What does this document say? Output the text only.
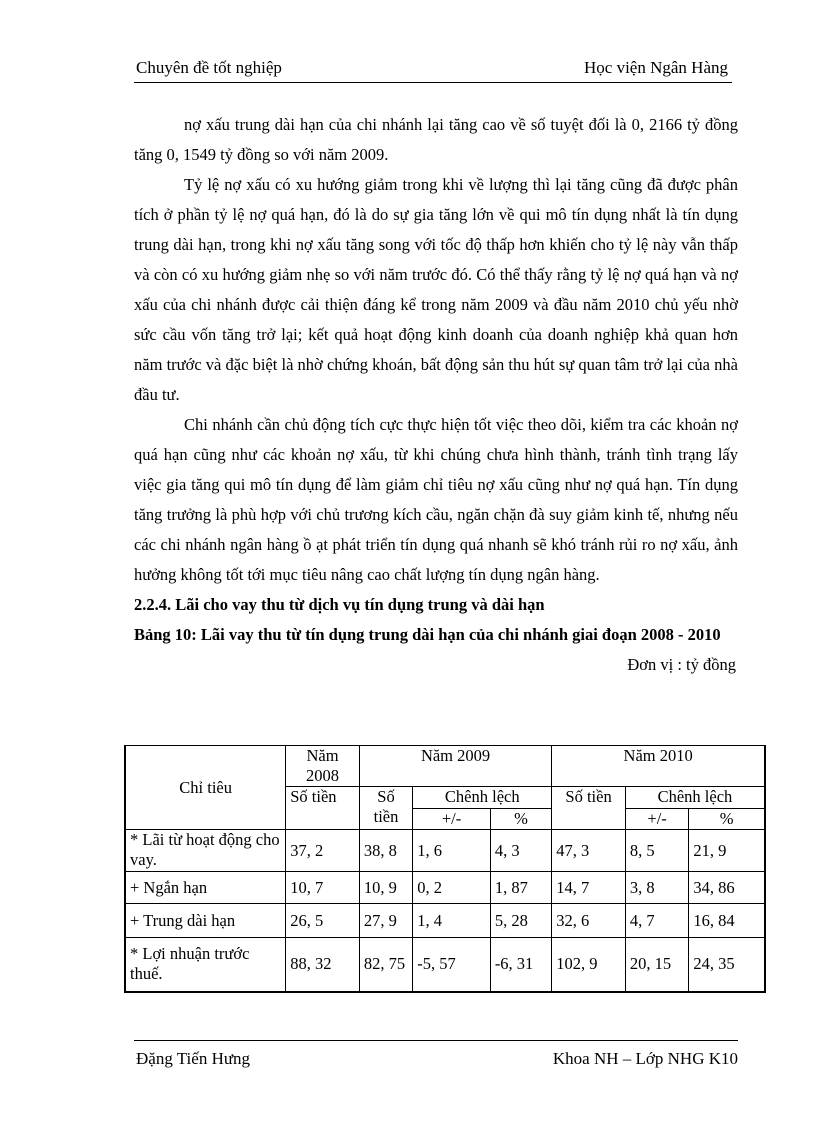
Chuyên đề tốt nghiệp	Học viện Ngân Hàng

nợ xấu trung dài hạn của chi nhánh lại tăng cao về số tuyệt đối là 0, 2166 tỷ đồng tăng 0, 1549 tỷ đồng so với năm 2009.

Tỷ lệ nợ xấu có xu hướng giảm trong khi về lượng thì lại tăng cũng đã được phân tích ở phần tỷ lệ nợ quá hạn, đó là do sự gia tăng lớn về qui mô tín dụng nhất là tín dụng trung dài hạn, trong khi nợ xấu tăng song với tốc độ thấp hơn khiến cho tỷ lệ này vẫn thấp và còn có xu hướng giảm nhẹ so với năm trước đó. Có thể thấy rằng tỷ lệ nợ quá hạn và nợ xấu của chi nhánh được cải thiện đáng kể trong năm 2009 và đầu năm 2010 chủ yếu nhờ sức cầu vốn tăng trở lại; kết quả hoạt động kinh doanh của doanh nghiệp khả quan hơn năm trước và đặc biệt là nhờ chứng khoán, bất động sản thu hút sự quan tâm trở lại của nhà đầu tư.

Chi nhánh cần chủ động tích cực thực hiện tốt việc theo dõi, kiểm tra các khoản nợ quá hạn cũng như các khoản nợ xấu, từ khi chúng chưa hình thành, tránh tình trạng lấy việc gia tăng qui mô tín dụng để làm giảm chỉ tiêu nợ xấu cũng như nợ quá hạn. Tín dụng tăng trưởng là phù hợp với chủ trương kích cầu, ngăn chặn đà suy giảm kinh tế, nhưng nếu các chi nhánh ngân hàng ồ ạt phát triển tín dụng quá nhanh sẽ khó tránh rủi ro nợ xấu, ảnh hưởng không tốt tới mục tiêu nâng cao chất lượng tín dụng ngân hàng.

2.2.4. Lãi cho vay thu từ dịch vụ tín dụng trung và dài hạn

Bảng 10: Lãi vay thu từ tín dụng trung dài hạn của chi nhánh giai đoạn 2008 - 2010

Đơn vị : tỷ đồng

Chỉ tiêu	Năm 2008	Năm 2009			Năm 2010		
	Số tiền	Số tiền	Chênh lệch		Số tiền	Chênh lệch	
			+/-	%		+/-	%
* Lãi từ hoạt động cho vay.	37, 2	38, 8	1, 6	4, 3	47, 3	8, 5	21, 9
+ Ngắn hạn	10, 7	10, 9	0, 2	1, 87	14, 7	3, 8	34, 86
+ Trung dài hạn	26, 5	27, 9	1, 4	5, 28	32, 6	4, 7	16, 84
* Lợi nhuận trước thuế.	88, 32	82, 75	-5, 57	-6, 31	102, 9	20, 15	24, 35
Đặng Tiến Hưng	Khoa NH – Lớp NHG K10
